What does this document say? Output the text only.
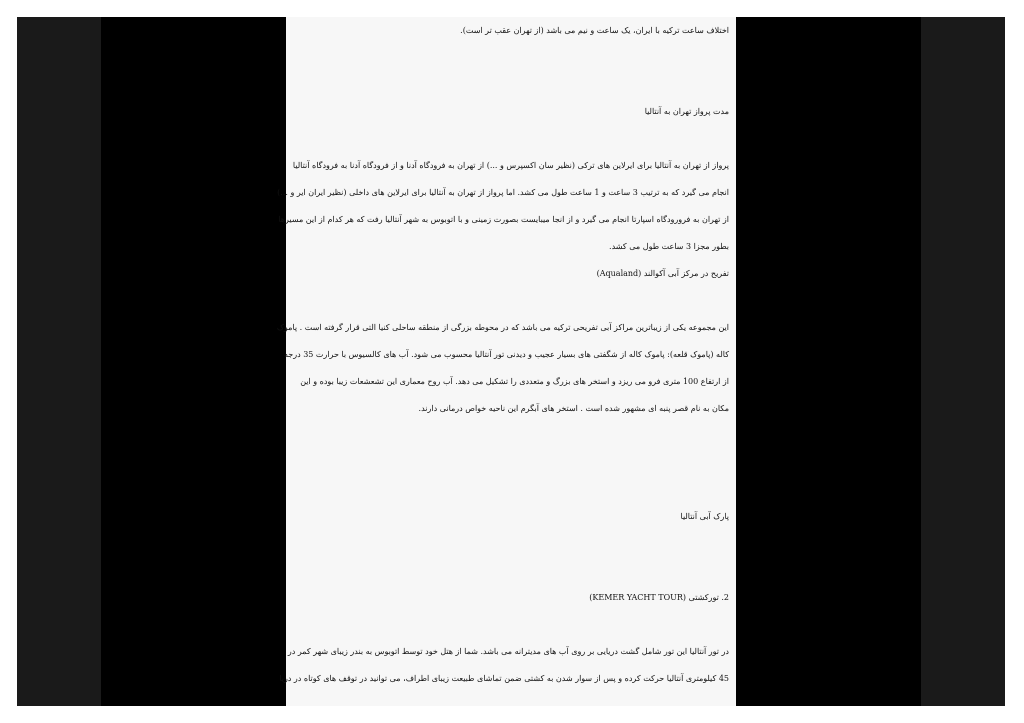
اختلاف ساعت ترکیه با ایران، یک ساعت و نیم می باشد (از تهران عقب تر است).

مدت پرواز تهران به آنتالیا

پرواز از تهران به آنتالیا برای ایرلاین های ترکی (نظیر سان اکسپرس و ...) از تهران به فرودگاه آدنا و از فرودگاه آدنا به فرودگاه آنتالیا

انجام می گیرد که به ترتیب 3 ساعت و 1 ساعت طول می کشد. اما پرواز از تهران به آنتالیا برای ایرلاین های داخلی (نظیر ایران ایر و ...)

از تهران به فرورودگاه اسپارتا انجام می گیرد و از انجا میبایست بصورت زمینی و با اتوبوس به شهر آنتالیا رفت که هر کدام از این مسیرها

بطور مجزا 3 ساعت طول می کشد.

تفریح در مرکز آبی آکوالند (Aqualand)

این مجموعه یکی از زیباترین مراکز آبی تفریحی ترکیه می باشد که در محوطه بزرگی از منطقه ساحلی کنیا التی قرار گرفته است . پاموک

کاله (پاموک قلعه): پاموک کاله از شگفتی های بسیار عجیب و دیدنی تور آنتالیا محسوب می شود. آب های کالسیوس با حرارت 35 درجه

از ارتفاع 100 متری فرو می ریزد و استخر های بزرگ و متعددی را تشکیل می دهد. آب روح معماری این تشعشعات زیبا بوده و این

مکان به نام قصر پنبه ای مشهور شده است . استخر های آبگرم این ناحیه خواص درمانی دارند.

پارک آبی آنتالیا

2. تورکشتی (KEMER YACHT TOUR)

در تور آنتالیا این تور شامل گشت دریایی بر روی آب های مدیترانه می باشد. شما از هتل خود توسط اتوبوس به بندر زیبای شهر کمر در

45 کیلومتری آنتالیا حرکت کرده و پس از سوار شدن به کشتی ضمن تماشای طبیعت زیبای اطراف، می توانید در توقف های کوتاه در دریا
